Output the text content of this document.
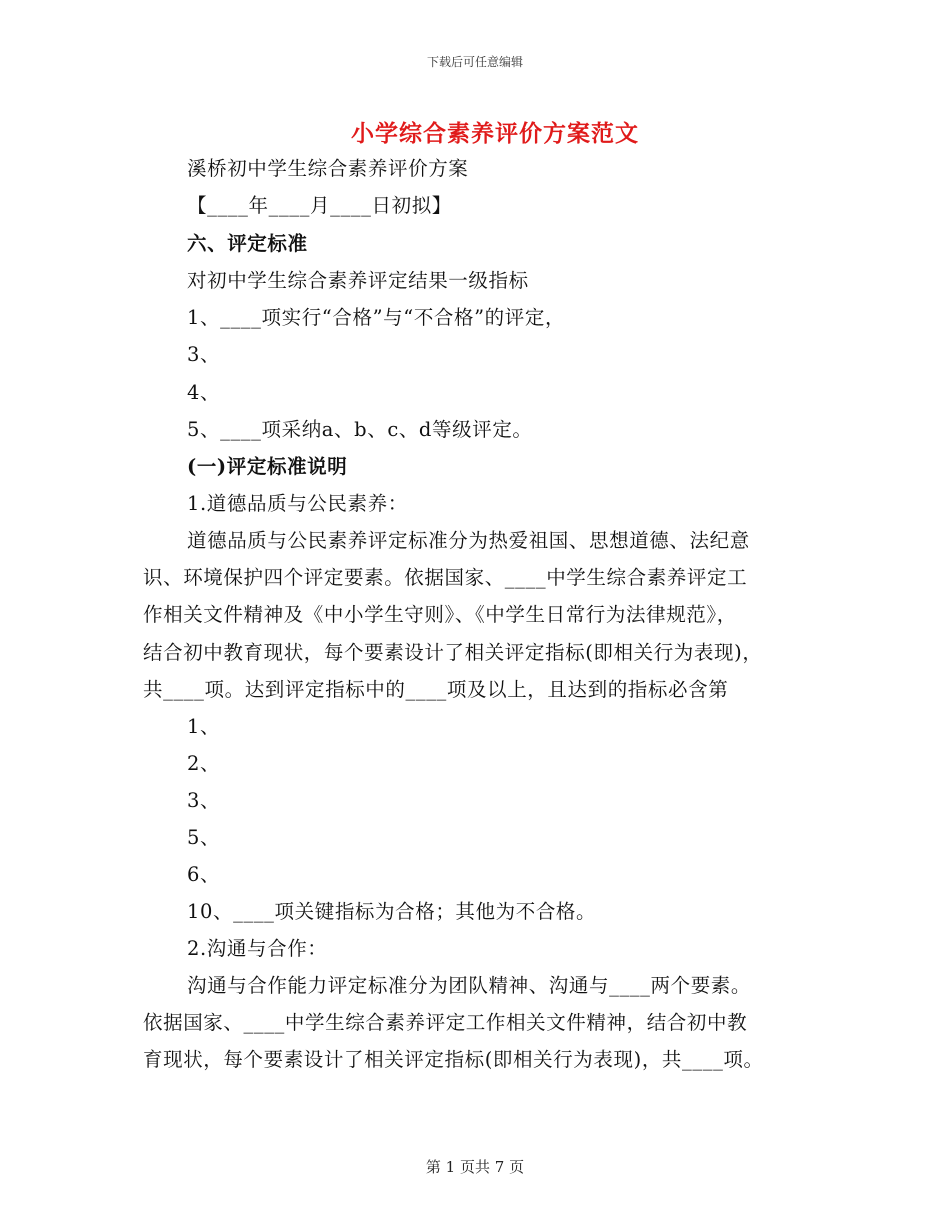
下载后可任意编辑
小学综合素养评价方案范文
溪桥初中学生综合素养评价方案
【____年____月____日初拟】
六、评定标准
对初中学生综合素养评定结果一级指标
1、____项实行“合格”与“不合格”的评定，
3、
4、
5、____项采纳a、b、c、d等级评定。
(一)评定标准说明
1.道德品质与公民素养：
道德品质与公民素养评定标准分为热爱祖国、思想道德、法纪意
识、环境保护四个评定要素。依据国家、____中学生综合素养评定工
作相关文件精神及《中小学生守则》、《中学生日常行为法律规范》，
结合初中教育现状，每个要素设计了相关评定指标(即相关行为表现)，
共____项。达到评定指标中的____项及以上，且达到的指标必含第
1、
2、
3、
5、
6、
10、____项关键指标为合格；其他为不合格。
2.沟通与合作：
沟通与合作能力评定标准分为团队精神、沟通与____两个要素。
依据国家、____中学生综合素养评定工作相关文件精神，结合初中教
育现状，每个要素设计了相关评定指标(即相关行为表现)，共____项。
第 1 页共 7 页
